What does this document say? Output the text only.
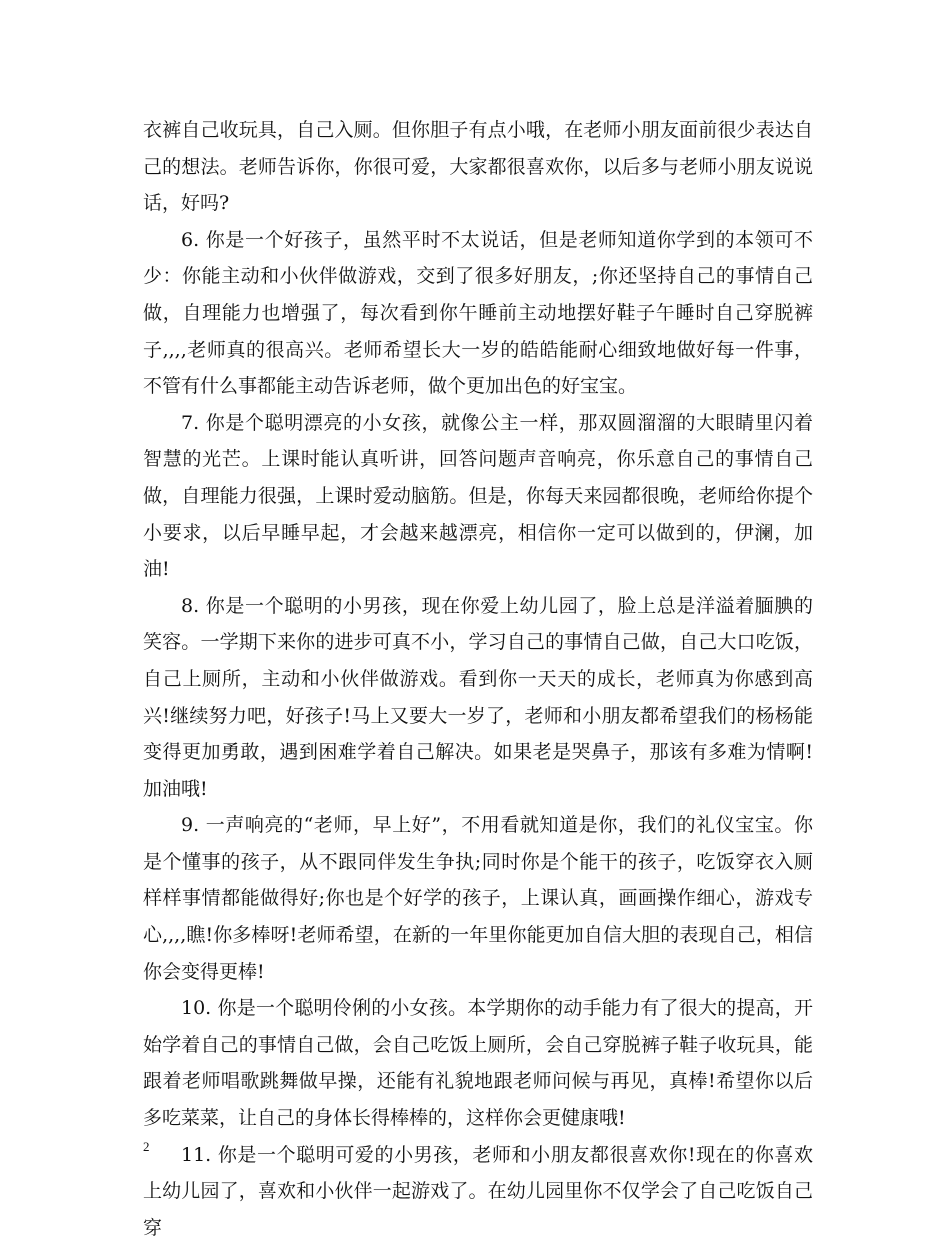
衣裤自己收玩具，自己入厕。但你胆子有点小哦，在老师小朋友面前很少表达自己的想法。老师告诉你，你很可爱，大家都很喜欢你，以后多与老师小朋友说说话，好吗?

6. 你是一个好孩子，虽然平时不太说话，但是老师知道你学到的本领可不少：你能主动和小伙伴做游戏，交到了很多好朋友，;你还坚持自己的事情自己做，自理能力也增强了，每次看到你午睡前主动地摆好鞋子午睡时自己穿脱裤子,,,,老师真的很高兴。老师希望长大一岁的皓皓能耐心细致地做好每一件事，不管有什么事都能主动告诉老师，做个更加出色的好宝宝。

7. 你是个聪明漂亮的小女孩，就像公主一样，那双圆溜溜的大眼睛里闪着智慧的光芒。上课时能认真听讲，回答问题声音响亮，你乐意自己的事情自己做，自理能力很强，上课时爱动脑筋。但是，你每天来园都很晚，老师给你提个小要求，以后早睡早起，才会越来越漂亮，相信你一定可以做到的，伊澜，加油!

8. 你是一个聪明的小男孩，现在你爱上幼儿园了，脸上总是洋溢着腼腆的笑容。一学期下来你的进步可真不小，学习自己的事情自己做，自己大口吃饭，自己上厕所，主动和小伙伴做游戏。看到你一天天的成长，老师真为你感到高兴!继续努力吧，好孩子!马上又要大一岁了，老师和小朋友都希望我们的杨杨能变得更加勇敢，遇到困难学着自己解决。如果老是哭鼻子，那该有多难为情啊!加油哦!

9. 一声响亮的“老师，早上好”，不用看就知道是你，我们的礼仪宝宝。你是个懂事的孩子，从不跟同伴发生争执;同时你是个能干的孩子，吃饭穿衣入厕样样事情都能做得好;你也是个好学的孩子，上课认真，画画操作细心，游戏专心,,,,瞧!你多棒呀!老师希望，在新的一年里你能更加自信大胆的表现自己，相信你会变得更棒!

10. 你是一个聪明伶俐的小女孩。本学期你的动手能力有了很大的提高，开始学着自己的事情自己做，会自己吃饭上厕所，会自己穿脱裤子鞋子收玩具，能跟着老师唱歌跳舞做早操，还能有礼貌地跟老师问候与再见，真棒!希望你以后多吃菜菜，让自己的身体长得棒棒的，这样你会更健康哦!

11. 你是一个聪明可爱的小男孩，老师和小朋友都很喜欢你!现在的你喜欢上幼儿园了，喜欢和小伙伴一起游戏了。在幼儿园里你不仅学会了自己吃饭自己穿

2
